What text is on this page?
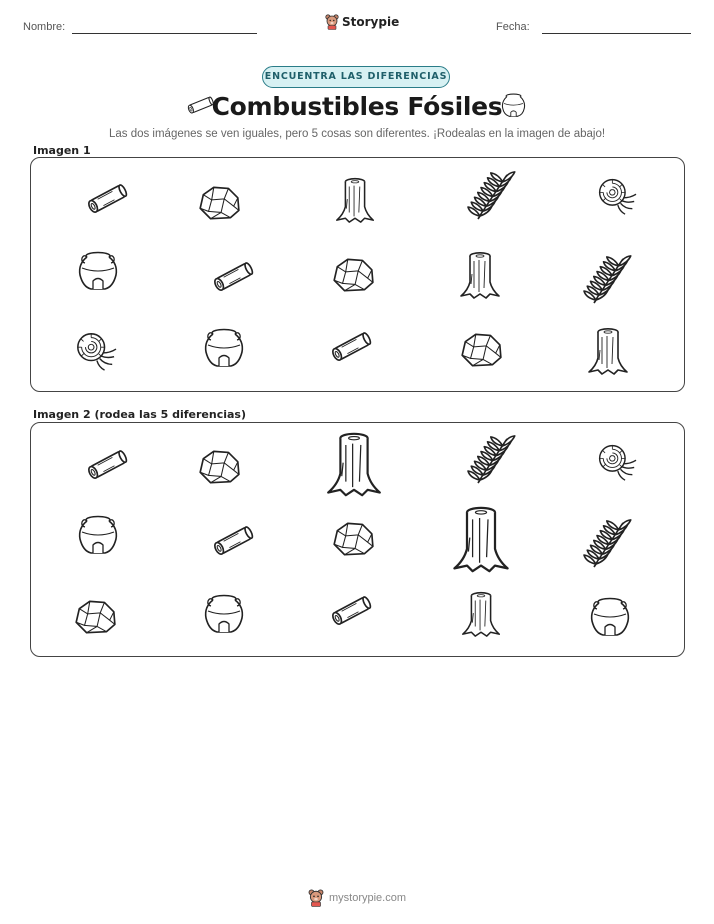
Nombre:	Storypie	Fecha:
ENCUENTRA LAS DIFERENCIAS
Combustibles Fósiles
Las dos imágenes se ven iguales, pero 5 cosas son diferentes. ¡Rodealas en la imagen de abajo!
Imagen 1
Imagen 2 (rodea las 5 diferencias)
mystorypie.com
